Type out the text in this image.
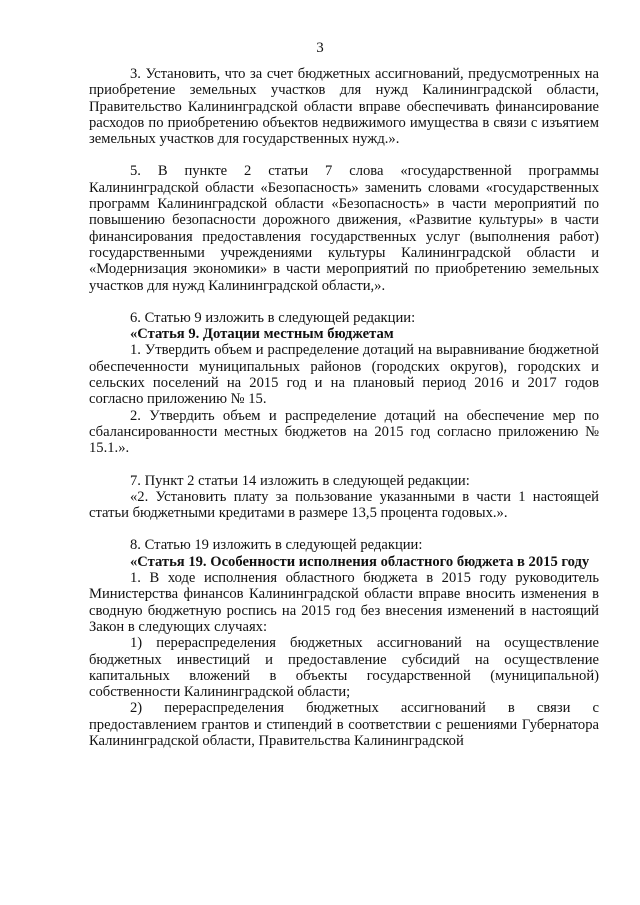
3

3. Установить, что за счет бюджетных ассигнований, предусмотренных на приобретение земельных участков для нужд Калининградской области, Правительство Калининградской области вправе обеспечивать финансирование расходов по приобретению объектов недвижимого имущества в связи с изъятием земельных участков для государственных нужд.».

5. В пункте 2 статьи 7 слова «государственной программы Калининградской области «Безопасность» заменить словами «государственных программ Калининградской области «Безопасность» в части мероприятий по повышению безопасности дорожного движения, «Развитие культуры» в части финансирования предоставления государственных услуг (выполнения работ) государственными учреждениями культуры Калининградской области и «Модернизация экономики» в части мероприятий по приобретению земельных участков для нужд Калининградской области,».

6. Статью 9 изложить в следующей редакции:

«Статья 9. Дотации местным бюджетам

1. Утвердить объем и распределение дотаций на выравнивание бюджетной обеспеченности муниципальных районов (городских округов), городских и сельских поселений на 2015 год и на плановый период 2016 и 2017 годов согласно приложению № 15.

2. Утвердить объем и распределение дотаций на обеспечение мер по сбалансированности местных бюджетов на 2015 год согласно приложению № 15.1.».

7. Пункт 2 статьи 14 изложить в следующей редакции:

«2. Установить плату за пользование указанными в части 1 настоящей статьи бюджетными кредитами в размере 13,5 процента годовых.».

8. Статью 19 изложить в следующей редакции:

«Статья 19. Особенности исполнения областного бюджета в 2015 году

1. В ходе исполнения областного бюджета в 2015 году руководитель Министерства финансов Калининградской области вправе вносить изменения в сводную бюджетную роспись на 2015 год без внесения изменений в настоящий Закон в следующих случаях:

1) перераспределения бюджетных ассигнований на осуществление бюджетных инвестиций и предоставление субсидий на осуществление капитальных вложений в объекты государственной (муниципальной) собственности Калининградской области;

2) перераспределения бюджетных ассигнований в связи с предоставлением грантов и стипендий в соответствии с решениями Губернатора Калининградской области, Правительства Калининградской
